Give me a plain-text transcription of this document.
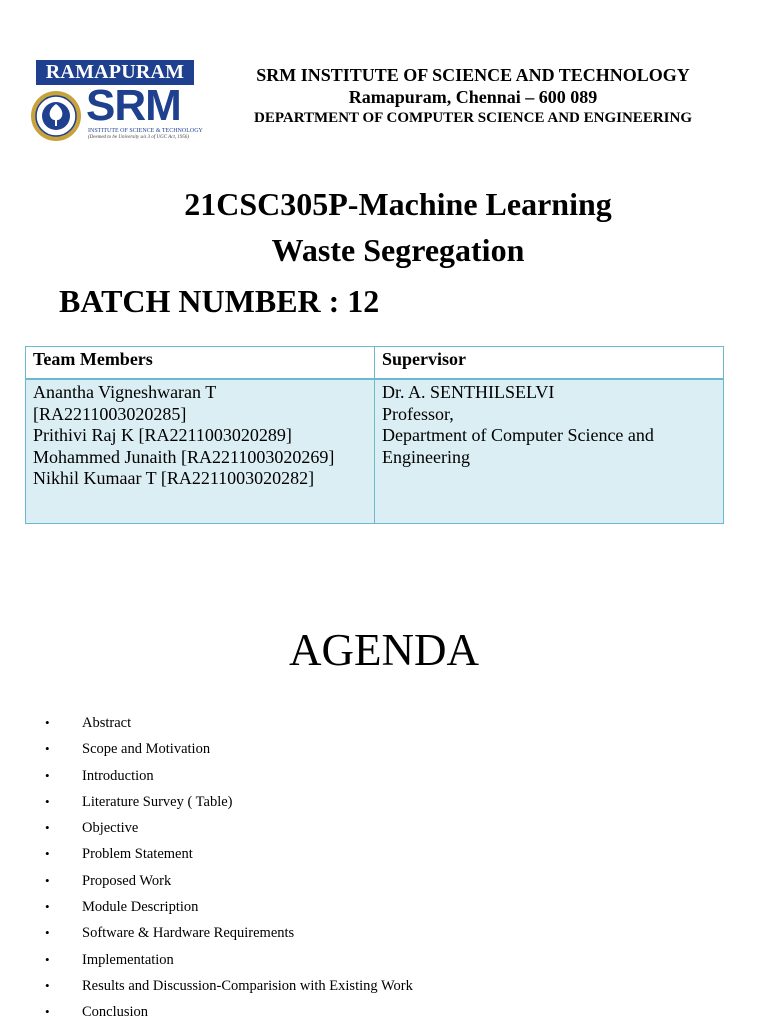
RAMAPURAM
SRM
INSTITUTE OF SCIENCE & TECHNOLOGY
(Deemed to be University u/s 3 of UGC Act, 1956)
SRM INSTITUTE OF SCIENCE AND TECHNOLOGY
Ramapuram, Chennai – 600 089
DEPARTMENT OF COMPUTER SCIENCE AND ENGINEERING
21CSC305P-Machine Learning
Waste Segregation
BATCH NUMBER : 12
Team Members	Supervisor

Anantha Vigneshwaran T
[RA2211003020285]
Prithivi Raj K [RA2211003020289]
Mohammed Junaith [RA2211003020269]
Nikhil Kumaar T [RA2211003020282]	Dr. A. SENTHILSELVI
Professor,
Department of Computer Science and
Engineering
AGENDA
• Abstract
• Scope and Motivation
• Introduction
• Literature Survey ( Table)
• Objective
• Problem Statement
• Proposed Work
• Module Description
• Software & Hardware Requirements
• Implementation
• Results and Discussion-Comparision with Existing Work
• Conclusion
